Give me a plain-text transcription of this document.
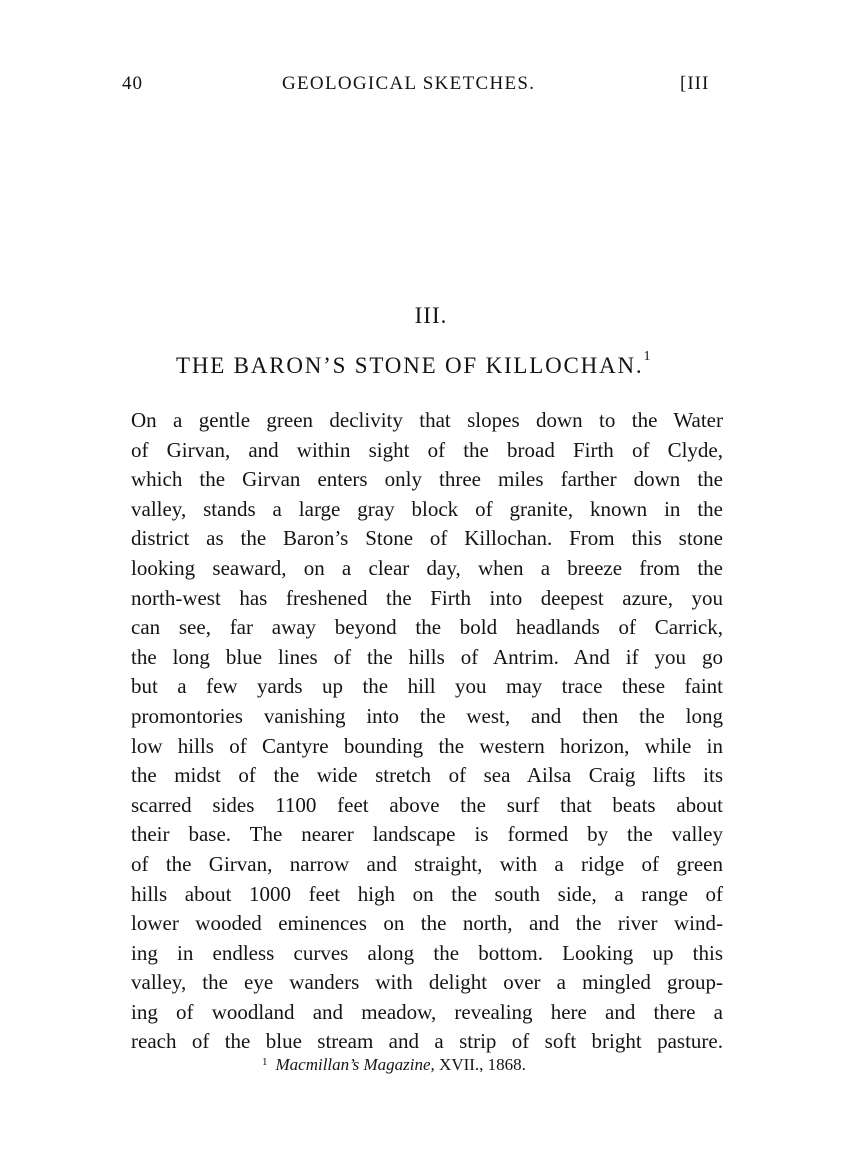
40	GEOLOGICAL SKETCHES.	[III
III.
THE BARON’S STONE OF KILLOCHAN.$^1$
On a gentle green declivity that slopes down to the Water
of Girvan, and within sight of the broad Firth of Clyde,
which the Girvan enters only three miles farther down the
valley, stands a large gray block of granite, known in the
district as the Baron’s Stone of Killochan. From this stone
looking seaward, on a clear day, when a breeze from the
north-west has freshened the Firth into deepest azure, you
can see, far away beyond the bold headlands of Carrick,
the long blue lines of the hills of Antrim. And if you go
but a few yards up the hill you may trace these faint
promontories vanishing into the west, and then the long
low hills of Cantyre bounding the western horizon, while in
the midst of the wide stretch of sea Ailsa Craig lifts its
scarred sides 1100 feet above the surf that beats about
their base. The nearer landscape is formed by the valley
of the Girvan, narrow and straight, with a ridge of green
hills about 1000 feet high on the south side, a range of
lower wooded eminences on the north, and the river wind-
ing in endless curves along the bottom. Looking up this
valley, the eye wanders with delight over a mingled group-
ing of woodland and meadow, revealing here and there a
reach of the blue stream and a strip of soft bright pasture.
$^1$ Macmillan’s Magazine, XVII., 1868.
